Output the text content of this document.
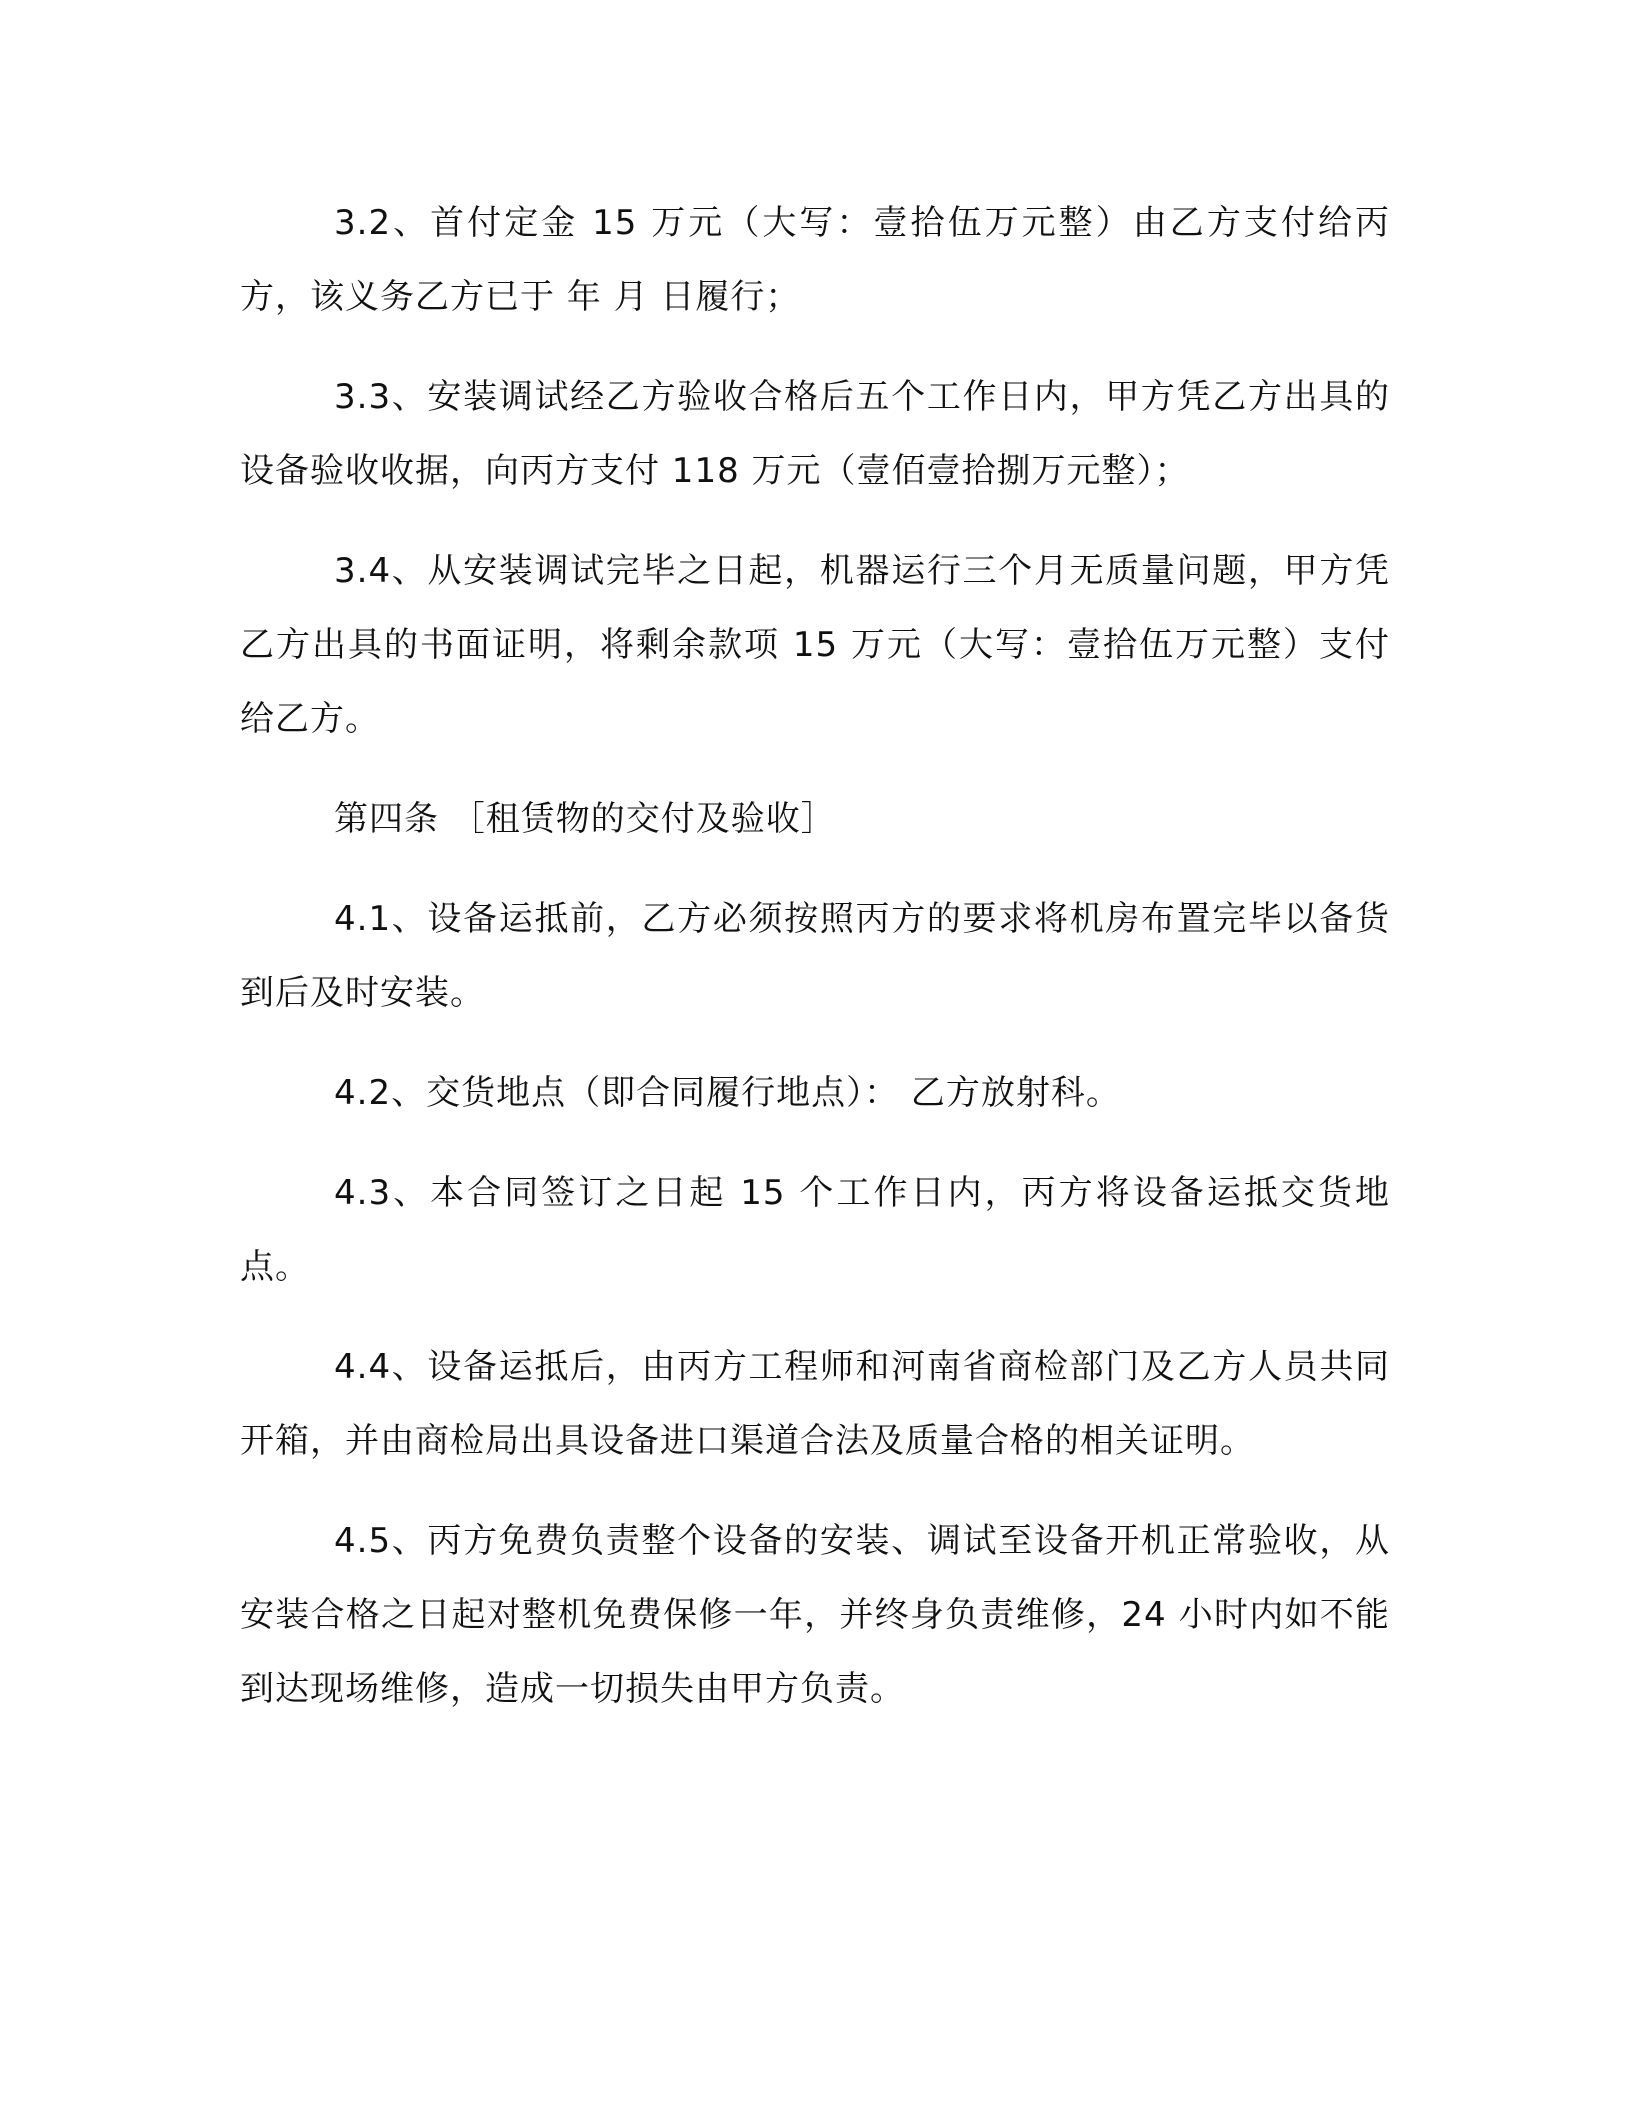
3.2、首付定金 15 万元（大写：壹拾伍万元整）由乙方支付给丙方，该义务乙方已于 年 月 日履行；

3.3、安装调试经乙方验收合格后五个工作日内，甲方凭乙方出具的设备验收收据，向丙方支付 118 万元（壹佰壹拾捌万元整）；

3.4、从安装调试完毕之日起，机器运行三个月无质量问题，甲方凭乙方出具的书面证明，将剩余款项 15 万元（大写：壹拾伍万元整）支付给乙方。

第四条 ［租赁物的交付及验收］

4.1、设备运抵前，乙方必须按照丙方的要求将机房布置完毕以备货到后及时安装。

4.2、交货地点（即合同履行地点）： 乙方放射科。

4.3、本合同签订之日起 15 个工作日内，丙方将设备运抵交货地点。

4.4、设备运抵后，由丙方工程师和河南省商检部门及乙方人员共同开箱，并由商检局出具设备进口渠道合法及质量合格的相关证明。

4.5、丙方免费负责整个设备的安装、调试至设备开机正常验收，从安装合格之日起对整机免费保修一年，并终身负责维修，24 小时内如不能到达现场维修，造成一切损失由甲方负责。
